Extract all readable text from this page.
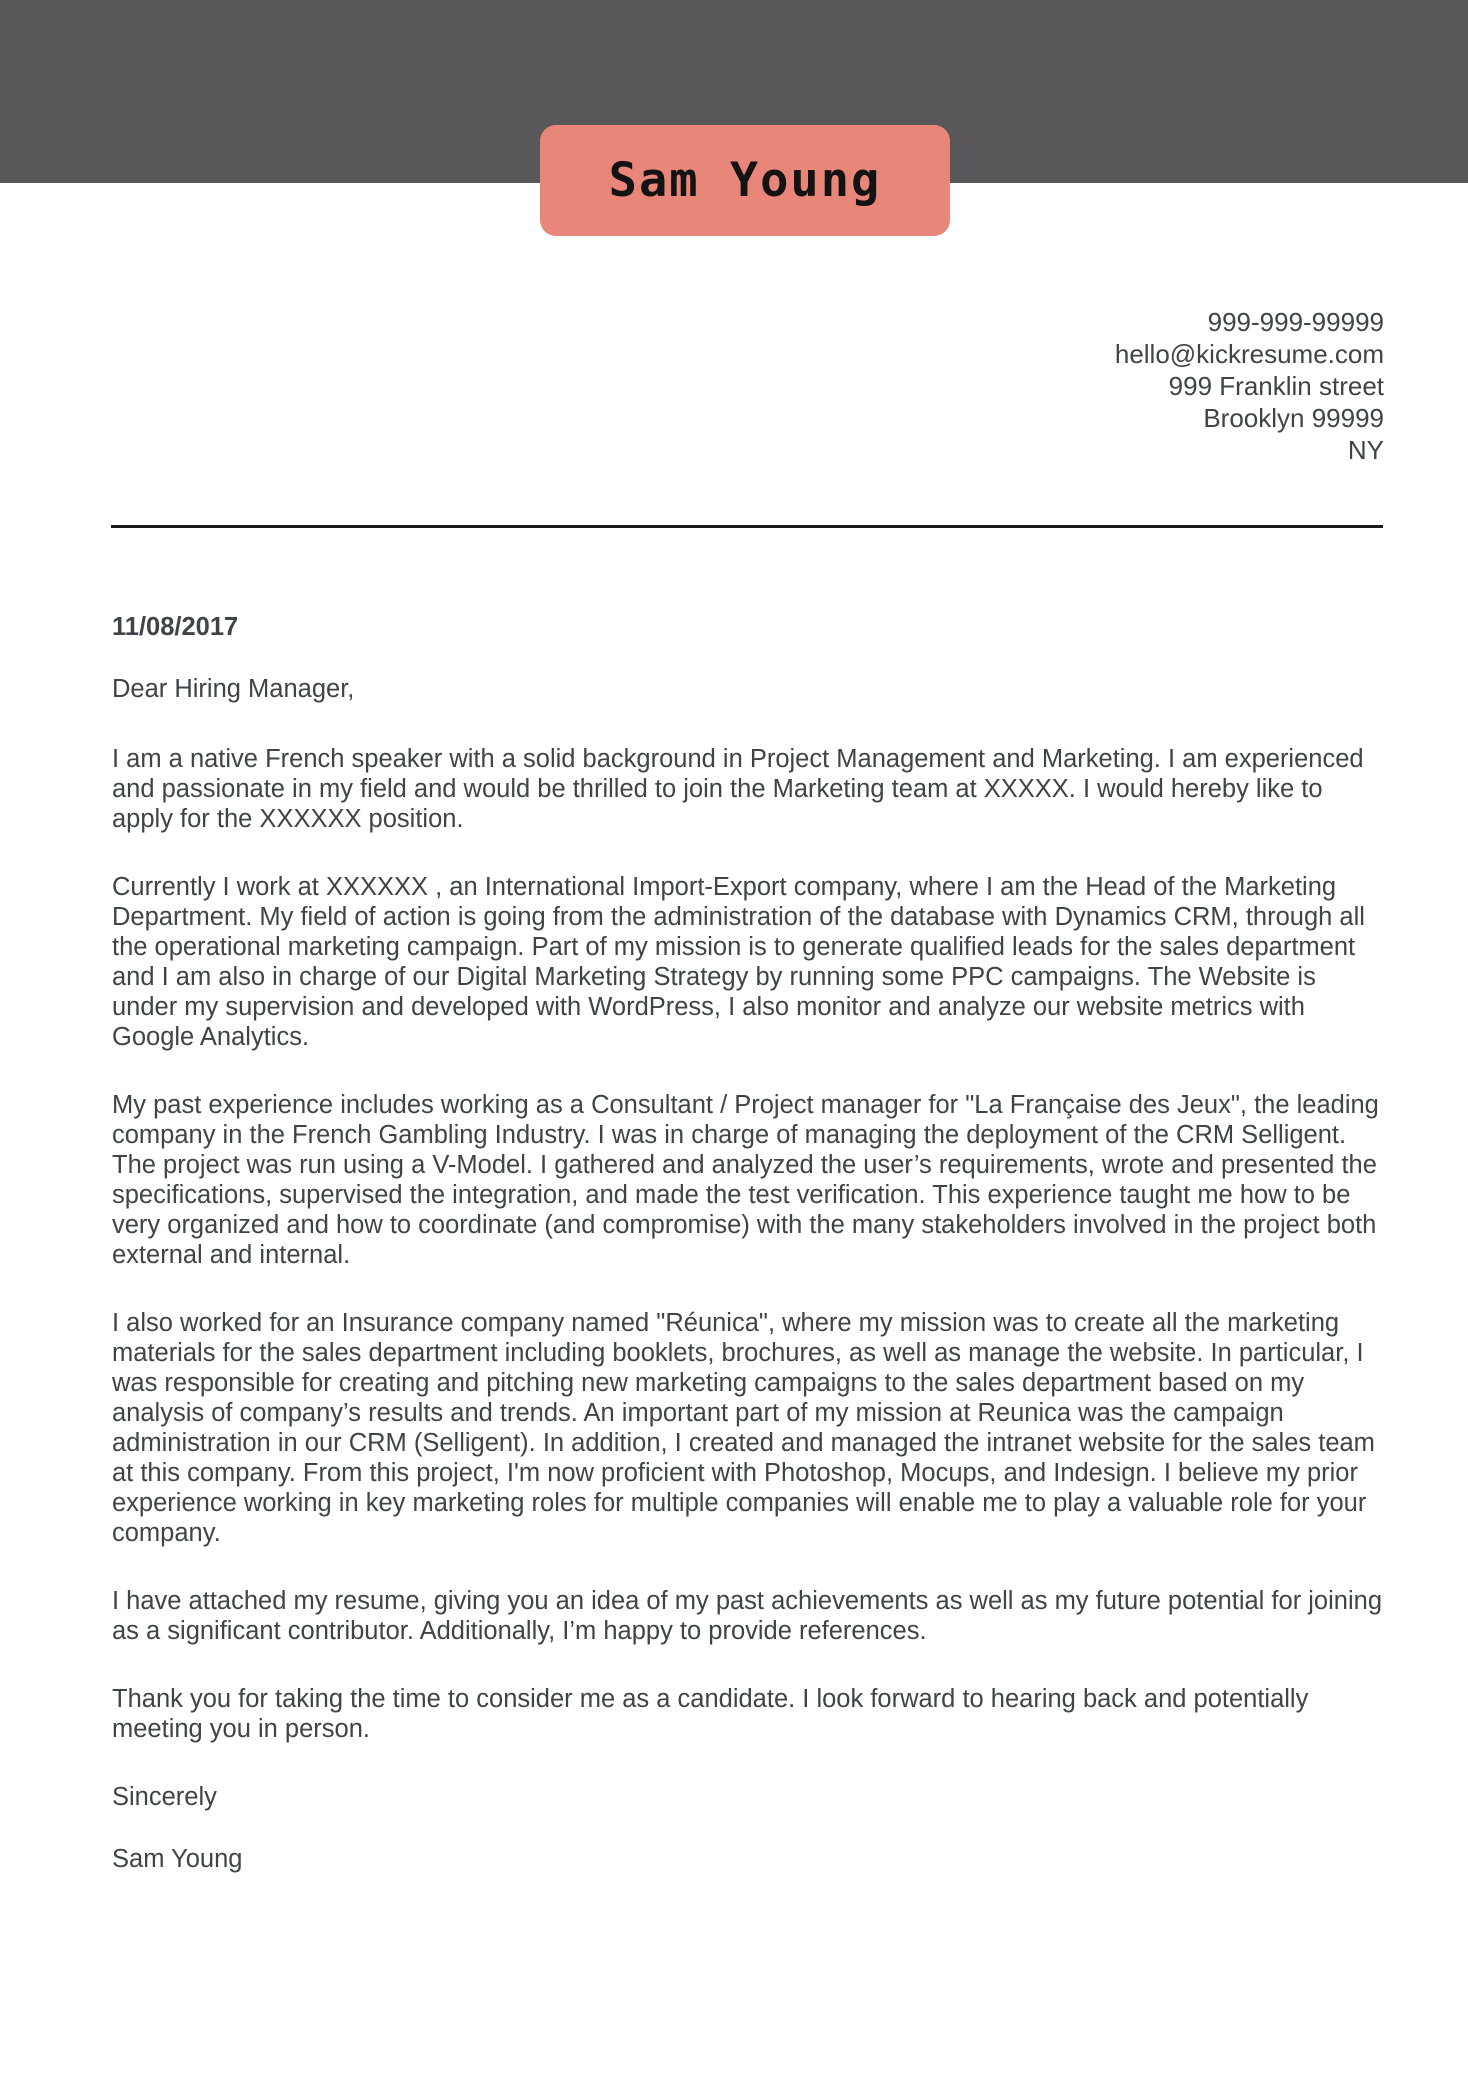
Sam Young
999-999-99999
hello@kickresume.com
999 Franklin street
Brooklyn 99999
NY
11/08/2017
Dear Hiring Manager,

I am a native French speaker with a solid background in Project Management and Marketing. I am experienced and passionate in my field and would be thrilled to join the Marketing team at XXXXX. I would hereby like to apply for the XXXXXX position.

Currently I work at XXXXXX , an International Import-Export company, where I am the Head of the Marketing Department. My field of action is going from the administration of the database with Dynamics CRM, through all the operational marketing campaign. Part of my mission is to generate qualified leads for the sales department and I am also in charge of our Digital Marketing Strategy by running some PPC campaigns. The Website is under my supervision and developed with WordPress, I also monitor and analyze our website metrics with Google Analytics.

My past experience includes working as a Consultant / Project manager for "La Française des Jeux", the leading company in the French Gambling Industry. I was in charge of managing the deployment of the CRM Selligent. The project was run using a V-Model. I gathered and analyzed the user’s requirements, wrote and presented the specifications, supervised the integration, and made the test verification. This experience taught me how to be very organized and how to coordinate (and compromise) with the many stakeholders involved in the project both external and internal.

I also worked for an Insurance company named "Réunica", where my mission was to create all the marketing materials for the sales department including booklets, brochures, as well as manage the website. In particular, I was responsible for creating and pitching new marketing campaigns to the sales department based on my analysis of company’s results and trends. An important part of my mission at Reunica was the campaign administration in our CRM (Selligent). In addition, I created and managed the intranet website for the sales team at this company. From this project, I'm now proficient with Photoshop, Mocups, and Indesign. I believe my prior experience working in key marketing roles for multiple companies will enable me to play a valuable role for your company.

I have attached my resume, giving you an idea of my past achievements as well as my future potential for joining as a significant contributor. Additionally, I’m happy to provide references.

Thank you for taking the time to consider me as a candidate. I look forward to hearing back and potentially meeting you in person.

Sincerely
Sam Young
